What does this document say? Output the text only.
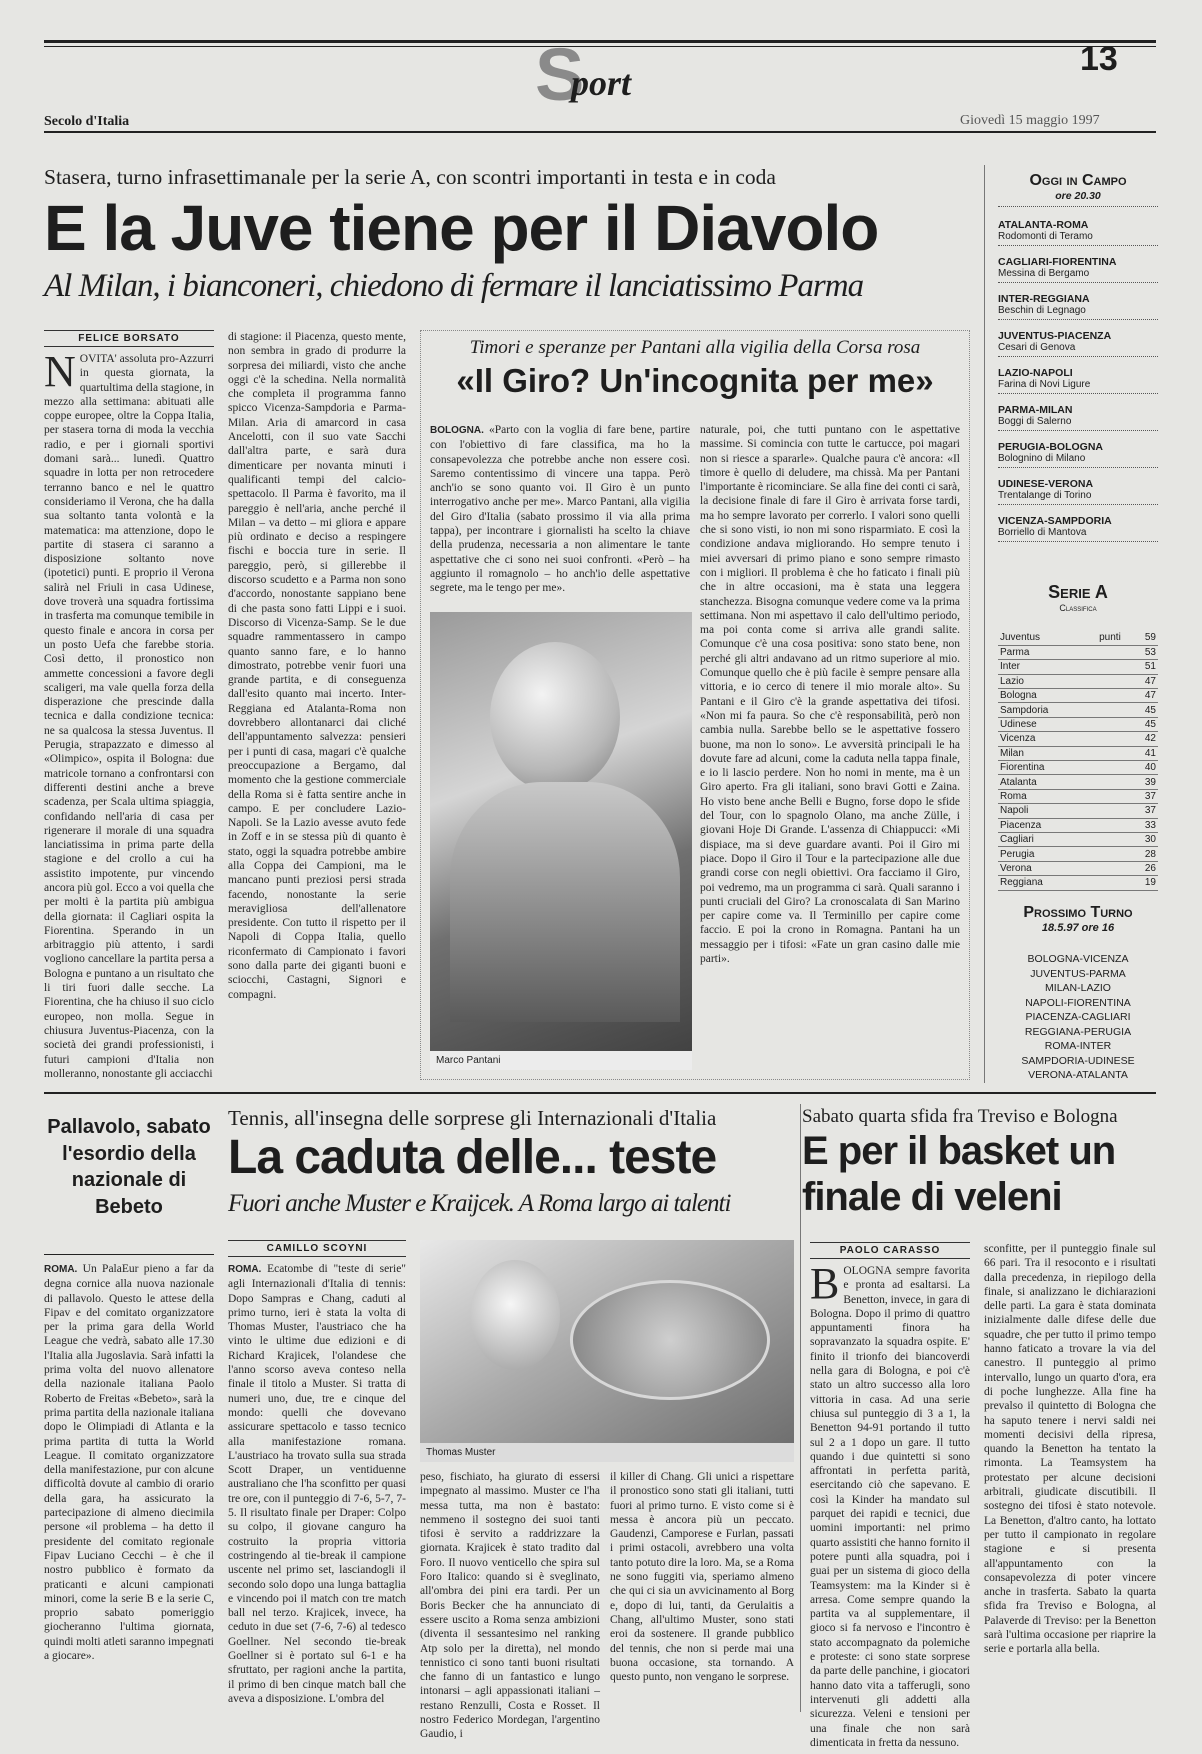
S
port
13
Secolo d'Italia	Giovedì 15 maggio 1997
Stasera, turno infrasettimanale per la serie A, con scontri importanti in testa e in coda
E la Juve tiene per il Diavolo
Al Milan, i bianconeri, chiedono di fermare il lanciatissimo Parma
FELICE BORSATO
NOVITA' assoluta pro-Azzurri in questa giornata, la quartultima della stagione, in mezzo alla settimana: abituati alle coppe europee, oltre la Coppa Italia, per stasera torna di moda la vecchia radio, e per i giornali sportivi domani sarà... lunedì. Quattro squadre in lotta per non retrocedere terranno banco e nel le quattro consideriamo il Verona, che ha dalla sua soltanto tanta volontà e la matematica: ma attenzione, dopo le partite di stasera ci saranno a disposizione soltanto nove (ipotetici) punti. E proprio il Verona salirà nel Friuli in casa Udinese, dove troverà una squadra fortissima in trasferta ma comunque temibile in questo finale e ancora in corsa per un posto Uefa che farebbe storia. Così detto, il pronostico non ammette concessioni a favore degli scaligeri, ma vale quella forza della disperazione che prescinde dalla tecnica e dalla condizione tecnica: ne sa qualcosa la stessa Juventus. Il Perugia, strapazzato e dimesso al «Olimpico», ospita il Bologna: due matricole tornano a confrontarsi con differenti destini anche a breve scadenza, per Scala ultima spiaggia, confidando nell'aria di casa per rigenerare il morale di una squadra lanciatissima in prima parte della stagione e del crollo a cui ha assistito impotente, pur vincendo ancora più gol. Ecco a voi quella che per molti è la partita più ambigua della giornata: il Cagliari ospita la Fiorentina. Sperando in un arbitraggio più attento, i sardi vogliono cancellare la partita persa a Bologna e puntano a un risultato che li tiri fuori dalle secche. La Fiorentina, che ha chiuso il suo ciclo europeo, non molla. Segue in chiusura Juventus-Piacenza, con la società dei grandi professionisti, i futuri campioni d'Italia non molleranno, nonostante gli acciacchi
di stagione: il Piacenza, questo mente, non sembra in grado di produrre la sorpresa dei miliardi, visto che anche oggi c'è la schedina. Nella normalità che completa il programma fanno spicco Vicenza-Sampdoria e Parma-Milan. Aria di amarcord in casa Ancelotti, con il suo vate Sacchi dall'altra parte, e sarà dura dimenticare per novanta minuti i qualificanti tempi del calcio-spettacolo. Il Parma è favorito, ma il pareggio è nell'aria, anche perché il Milan – va detto – mi gliora e appare più ordinato e deciso a respingere fischi e boccia ture in serie. Il pareggio, però, si gillerebbe il discorso scudetto e a Parma non sono d'accordo, nonostante sappiano bene di che pasta sono fatti Lippi e i suoi. Discorso di Vicenza-Samp. Se le due squadre rammentassero in campo quanto sanno fare, e lo hanno dimostrato, potrebbe venir fuori una grande partita, e di conseguenza dall'esito quanto mai incerto. Inter-Reggiana ed Atalanta-Roma non dovrebbero allontanarci dai cliché dell'appuntamento salvezza: pensieri per i punti di casa, magari c'è qualche preoccupazione a Bergamo, dal momento che la gestione commerciale della Roma si è fatta sentire anche in campo. E per concludere Lazio-Napoli. Se la Lazio avesse avuto fede in Zoff e in se stessa più di quanto è stato, oggi la squadra potrebbe ambire alla Coppa dei Campioni, ma le mancano punti preziosi persi strada facendo, nonostante la serie meravigliosa dell'allenatore presidente. Con tutto il rispetto per il Napoli di Coppa Italia, quello riconfermato di Campionato i favori sono dalla parte dei giganti buoni e sciocchi, Castagni, Signori e compagni.
Timori e speranze per Pantani alla vigilia della Corsa rosa
«Il Giro? Un'incognita per me»
BOLOGNA. «Parto con la voglia di fare bene, partire con l'obiettivo di fare classifica, ma ho la consapevolezza che potrebbe anche non essere così. Saremo contentissimo di vincere una tappa. Però anch'io se sono quanto voi. Il Giro è un punto interrogativo anche per me». Marco Pantani, alla vigilia del Giro d'Italia (sabato prossimo il via alla prima tappa), per incontrare i giornalisti ha scelto la chiave della prudenza, necessaria a non alimentare le tante aspettative che ci sono nei suoi confronti. «Però – ha aggiunto il romagnolo – ho anch'io delle aspettative segrete, ma le tengo per me».
Marco Pantani
naturale, poi, che tutti puntano con le aspettative massime. Si comincia con tutte le cartucce, poi magari non si riesce a spararle». Qualche paura c'è ancora: «Il timore è quello di deludere, ma chissà. Ma per Pantani l'importante è ricominciare. Se alla fine dei conti ci sarà, la decisione finale di fare il Giro è arrivata forse tardi, ma ho sempre lavorato per correrlo. I valori sono quelli che si sono visti, io non mi sono risparmiato. E così la condizione andava migliorando. Ho sempre tenuto i miei avversari di primo piano e sono sempre rimasto con i migliori. Il problema è che ho faticato i finali più che in altre occasioni, ma è stata una leggera stanchezza. Bisogna comunque vedere come va la prima settimana. Non mi aspettavo il calo dell'ultimo periodo, ma poi conta come si arriva alle grandi salite. Comunque c'è una cosa positiva: sono stato bene, non perché gli altri andavano ad un ritmo superiore al mio. Comunque quello che è più facile è sempre pensare alla vittoria, e io cerco di tenere il mio morale alto». Su Pantani e il Giro c'è la grande aspettativa dei tifosi. «Non mi fa paura. So che c'è responsabilità, però non cambia nulla. Sarebbe bello se le aspettative fossero buone, ma non lo sono». Le avversità principali le ha dovute fare ad alcuni, come la caduta nella tappa finale, e io li lascio perdere. Non ho nomi in mente, ma è un Giro aperto. Fra gli italiani, sono bravi Gotti e Zaina. Ho visto bene anche Belli e Bugno, forse dopo le sfide del Tour, con lo spagnolo Olano, ma anche Zülle, i giovani Hoje Di Grande. L'assenza di Chiappucci: «Mi dispiace, ma si deve guardare avanti. Poi il Giro mi piace. Dopo il Giro il Tour e la partecipazione alle due grandi corse con negli obiettivi. Ora facciamo il Giro, poi vedremo, ma un programma ci sarà. Quali saranno i punti cruciali del Giro? La cronoscalata di San Marino per capire come va. Il Terminillo per capire come faccio. E poi la crono in Romagna. Pantani ha un messaggio per i tifosi: «Fate un gran casino dalle mie parti».
Oggi in Campo
ore 20.30
ATALANTA-ROMA
Rodomonti di Teramo
CAGLIARI-FIORENTINA
Messina di Bergamo
INTER-REGGIANA
Beschin di Legnago
JUVENTUS-PIACENZA
Cesari di Genova
LAZIO-NAPOLI
Farina di Novi Ligure
PARMA-MILAN
Boggi di Salerno
PERUGIA-BOLOGNA
Bolognino di Milano
UDINESE-VERONA
Trentalange di Torino
VICENZA-SAMPDORIA
Borriello di Mantova
Serie A
Classifica
Juventus	punti	59
Parma		53
Inter		51
Lazio		47
Bologna		47
Sampdoria		45
Udinese		45
Vicenza		42
Milan		41
Fiorentina		40
Atalanta		39
Roma		37
Napoli		37
Piacenza		33
Cagliari		30
Perugia		28
Verona		26
Reggiana		19
Prossimo Turno
18.5.97 ore 16
BOLOGNA-VICENZA
JUVENTUS-PARMA
MILAN-LAZIO
NAPOLI-FIORENTINA
PIACENZA-CAGLIARI
REGGIANA-PERUGIA
ROMA-INTER
SAMPDORIA-UDINESE
VERONA-ATALANTA
Pallavolo, sabato l'esordio della nazionale di Bebeto
ROMA. Un PalaEur pieno a far da degna cornice alla nuova nazionale di pallavolo. Questo le attese della Fipav e del comitato organizzatore per la prima gara della World League che vedrà, sabato alle 17.30 l'Italia alla Jugoslavia. Sarà infatti la prima volta del nuovo allenatore della nazionale italiana Paolo Roberto de Freitas «Bebeto», sarà la prima partita della nazionale italiana dopo le Olimpiadi di Atlanta e la prima partita di tutta la World League. Il comitato organizzatore della manifestazione, pur con alcune difficoltà dovute al cambio di orario della gara, ha assicurato la partecipazione di almeno diecimila persone «il problema – ha detto il presidente del comitato regionale Fipav Luciano Cecchi – è che il nostro pubblico è formato da praticanti e alcuni campionati minori, come la serie B e la serie C, proprio sabato pomeriggio giocheranno l'ultima giornata, quindi molti atleti saranno impegnati a giocare».
Tennis, all'insegna delle sorprese gli Internazionali d'Italia
La caduta delle... teste
Fuori anche Muster e Kraijcek. A Roma largo ai talenti
CAMILLO SCOYNI
ROMA. Ecatombe di "teste di serie" agli Internazionali d'Italia di tennis: Dopo Sampras e Chang, caduti al primo turno, ieri è stata la volta di Thomas Muster, l'austriaco che ha vinto le ultime due edizioni e di Richard Krajicek, l'olandese che l'anno scorso aveva conteso nella finale il titolo a Muster. Si tratta di numeri uno, due, tre e cinque del mondo: quelli che dovevano assicurare spettacolo e tasso tecnico alla manifestazione romana. L'austriaco ha trovato sulla sua strada Scott Draper, un ventiduenne australiano che l'ha sconfitto per quasi tre ore, con il punteggio di 7-6, 5-7, 7-5. Il risultato finale per Draper: Colpo su colpo, il giovane canguro ha costruito la propria vittoria costringendo al tie-break il campione uscente nel primo set, lasciandogli il secondo solo dopo una lunga battaglia e vincendo poi il match con tre match ball nel terzo. Krajicek, invece, ha ceduto in due set (7-6, 7-6) al tedesco Goellner. Nel secondo tie-break Goellner si è portato sul 6-1 e ha sfruttato, per ragioni anche la partita, il primo di ben cinque match ball che aveva a disposizione. L'ombra del
Thomas Muster
peso, fischiato, ha giurato di essersi impegnato al massimo. Muster ce l'ha messa tutta, ma non è bastato: nemmeno il sostegno dei suoi tanti tifosi è servito a raddrizzare la giornata. Krajicek è stato tradito dal Foro. Il nuovo venticello che spira sul Foro Italico: quando si è sveglinato, all'ombra dei pini era tardi. Per un Boris Becker che ha annunciato di essere uscito a Roma senza ambizioni (diventa il sessantesimo nel ranking Atp solo per la diretta), nel mondo tennistico ci sono tanti buoni risultati che fanno di un fantastico e lungo intonarsi – agli appassionati italiani – restano Renzulli, Costa e Rosset. Il nostro Federico Mordegan, l'argentino Gaudio, i
il killer di Chang. Gli unici a rispettare il pronostico sono stati gli italiani, tutti fuori al primo turno. E visto come si è messa è ancora più un peccato. Gaudenzi, Camporese e Furlan, passati i primi ostacoli, avrebbero una volta tanto potuto dire la loro. Ma, se a Roma ne sono fuggiti via, speriamo almeno che qui ci sia un avvicinamento al Borg e, dopo di lui, tanti, da Gerulaitis a Chang, all'ultimo Muster, sono stati eroi da sostenere. Il grande pubblico del tennis, che non si perde mai una buona occasione, sta tornando. A questo punto, non vengano le sorprese.
Sabato quarta sfida fra Treviso e Bologna
E per il basket un finale di veleni
PAOLO CARASSO
BOLOGNA sempre favorita e pronta ad esaltarsi. La Benetton, invece, in gara di Bologna. Dopo il primo di quattro appuntamenti finora ha sopravanzato la squadra ospite. E' finito il trionfo dei biancoverdi nella gara di Bologna, e poi c'è stato un altro successo alla loro vittoria in casa. Ad una serie chiusa sul punteggio di 3 a 1, la Benetton 94-91 portando il tutto sul 2 a 1 dopo un gare. Il tutto quando i due quintetti si sono affrontati in perfetta parità, esercitando ciò che sapevano. E così la Kinder ha mandato sul parquet dei rapidi e tecnici, due uomini importanti: nel primo quarto assistiti che hanno fornito il potere punti alla squadra, poi i guai per un sistema di gioco della Teamsystem: ma la Kinder si è arresa. Come sempre quando la partita va al supplementare, il gioco si fa nervoso e l'incontro è stato accompagnato da polemiche e proteste: ci sono state sorprese da parte delle panchine, i giocatori hanno dato vita a tafferugli, sono intervenuti gli addetti alla sicurezza. Veleni e tensioni per una finale che non sarà dimenticata in fretta da nessuno.
sconfitte, per il punteggio finale sul 66 pari. Tra il resoconto e i risultati dalla precedenza, in riepilogo della finale, si analizzano le dichiarazioni delle parti. La gara è stata dominata inizialmente dalle difese delle due squadre, che per tutto il primo tempo hanno faticato a trovare la via del canestro. Il punteggio al primo intervallo, lungo un quarto d'ora, era di poche lunghezze. Alla fine ha prevalso il quintetto di Bologna che ha saputo tenere i nervi saldi nei momenti decisivi della ripresa, quando la Benetton ha tentato la rimonta. La Teamsystem ha protestato per alcune decisioni arbitrali, giudicate discutibili. Il sostegno dei tifosi è stato notevole. La Benetton, d'altro canto, ha lottato per tutto il campionato in regolare stagione e si presenta all'appuntamento con la consapevolezza di poter vincere anche in trasferta. Sabato la quarta sfida fra Treviso e Bologna, al Palaverde di Treviso: per la Benetton sarà l'ultima occasione per riaprire la serie e portarla alla bella.
